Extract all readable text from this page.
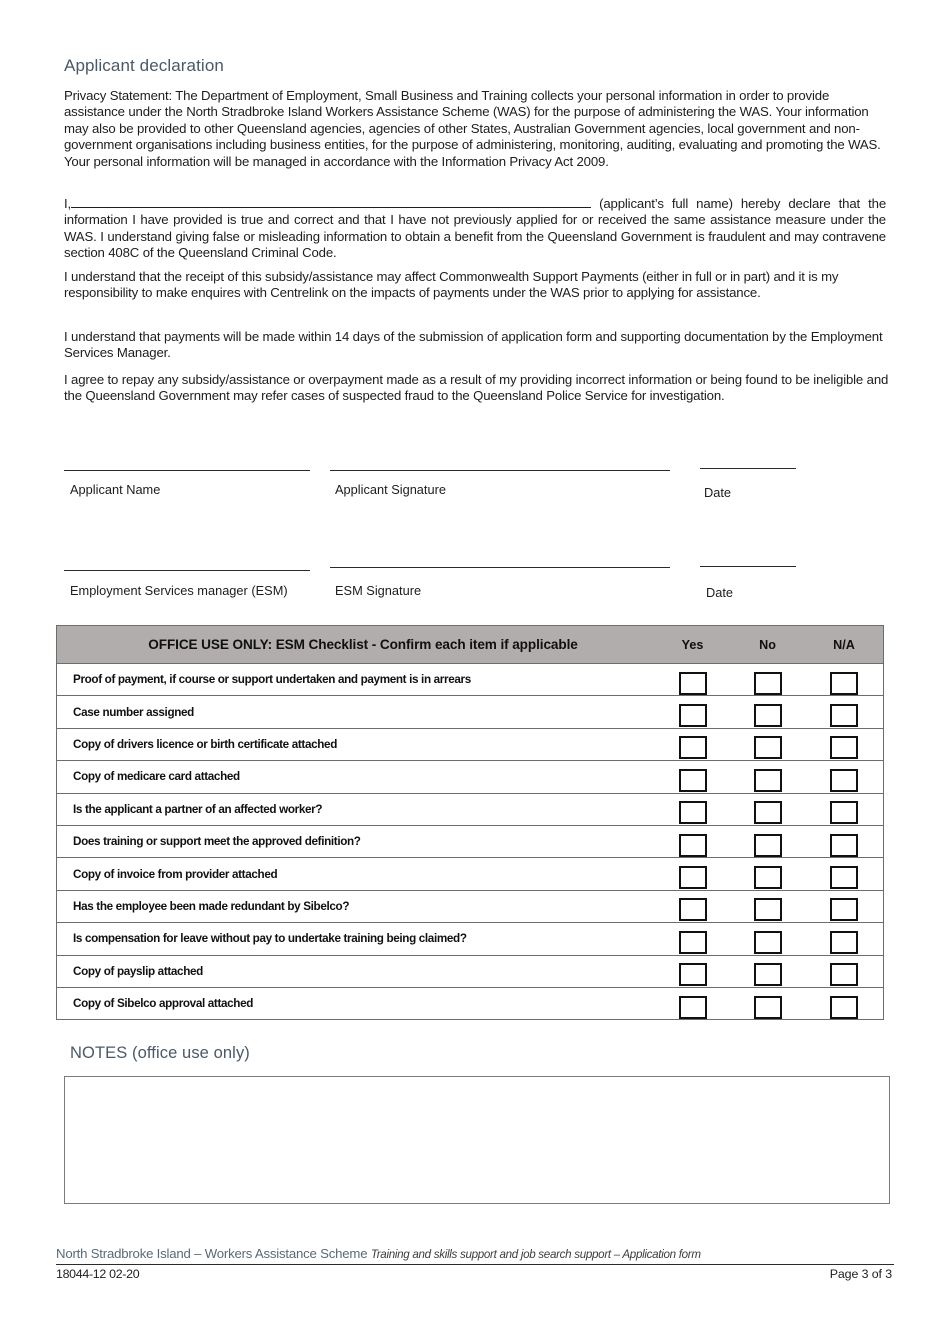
Applicant declaration

Privacy Statement: The Department of Employment, Small Business and Training collects your personal information in order to provide assistance under the North Stradbroke Island Workers Assistance Scheme (WAS) for the purpose of administering the WAS. Your information may also be provided to other Queensland agencies, agencies of other States, Australian Government agencies, local government and non-government organisations including business entities, for the purpose of administering, monitoring, auditing, evaluating and promoting the WAS. Your personal information will be managed in accordance with the Information Privacy Act 2009.

I,	(applicant’s full name) hereby declare that the information I have provided is true and correct and that I have not previously applied for or received the same assistance measure under the WAS. I understand giving false or misleading information to obtain a benefit from the Queensland Government is fraudulent and may contravene section 408C of the Queensland Criminal Code.

I understand that the receipt of this subsidy/assistance may affect Commonwealth Support Payments (either in full or in part) and it is my responsibility to make enquires with Centrelink on the impacts of payments under the WAS prior to applying for assistance.

I understand that payments will be made within 14 days of the submission of application form and supporting documentation by the Employment Services Manager.

I agree to repay any subsidy/assistance or overpayment made as a result of my providing incorrect information or being found to be ineligible and the Queensland Government may refer cases of suspected fraud to the Queensland Police Service for investigation.

Applicant Name	Applicant Signature	Date
Employment Services manager (ESM)	ESM Signature	Date
OFFICE USE ONLY: ESM Checklist - Confirm each item if applicable	Yes	No	N/A
Proof of payment, if course or support undertaken and payment is in arrears			
Case number assigned			
Copy of drivers licence or birth certificate attached			
Copy of medicare card attached			
Is the applicant a partner of an affected worker?			
Does training or support meet the approved definition?			
Copy of invoice from provider attached			
Has the employee been made redundant by Sibelco?			
Is compensation for leave without pay to undertake training being claimed?			
Copy of payslip attached			
Copy of Sibelco approval attached			
NOTES (office use only)
North Stradbroke Island – Workers Assistance Scheme Training and skills support and job search support – Application form
18044-12 02-20	Page 3 of 3
